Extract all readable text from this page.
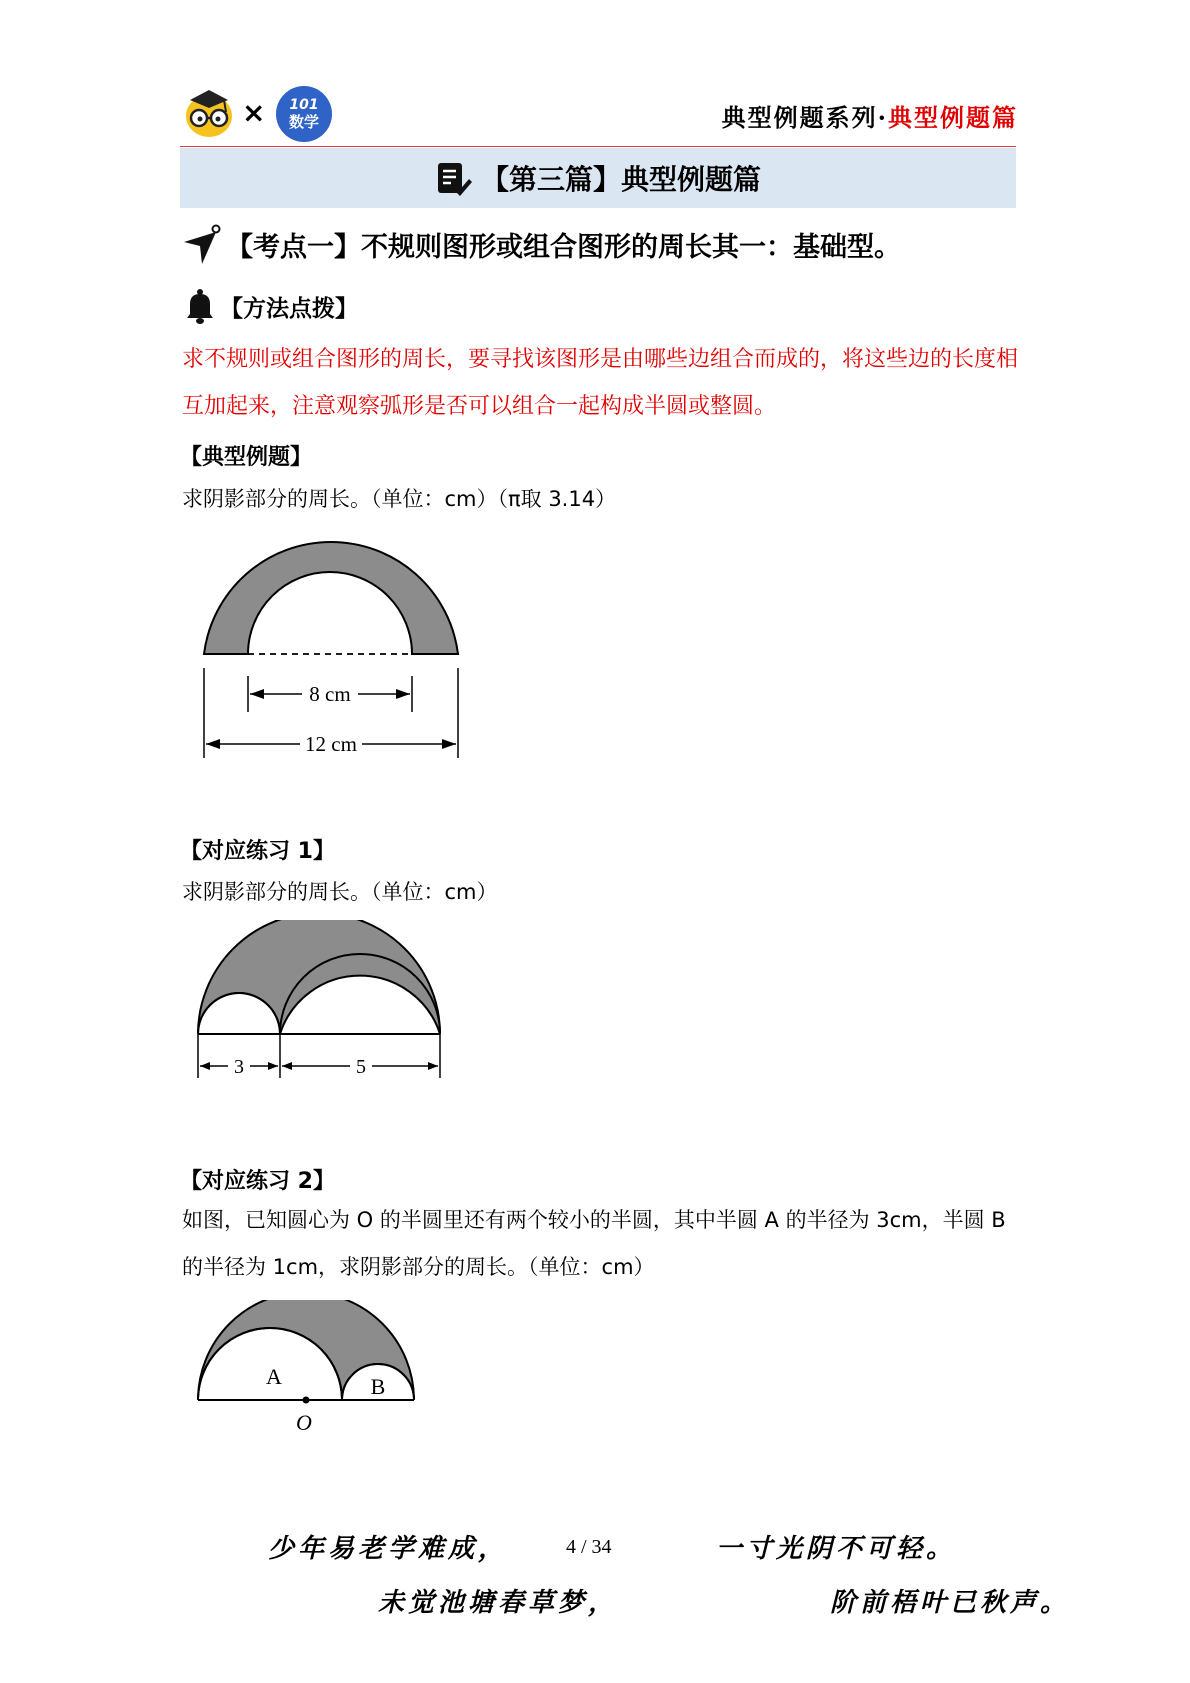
× 101
数学	典型例题系列·典型例题篇
【第三篇】典型例题篇
【考点一】不规则图形或组合图形的周长其一：基础型。
【方法点拨】
求不规则或组合图形的周长，要寻找该图形是由哪些边组合而成的，将这些边的长度相互加起来，注意观察弧形是否可以组合一起构成半圆或整圆。
【典型例题】
求阴影部分的周长。（单位：cm）（π取 3.14）
8 cm
12 cm
【对应练习 1】
求阴影部分的周长。（单位：cm）
3	5
【对应练习 2】
如图，已知圆心为 O 的半圆里还有两个较小的半圆，其中半圆 A 的半径为 3cm，半圆 B 的半径为 1cm，求阴影部分的周长。（单位：cm）
A	B
O
少年易老学难成，	4 / 34	一寸光阴不可轻。
未觉池塘春草梦，	阶前梧叶已秋声。
